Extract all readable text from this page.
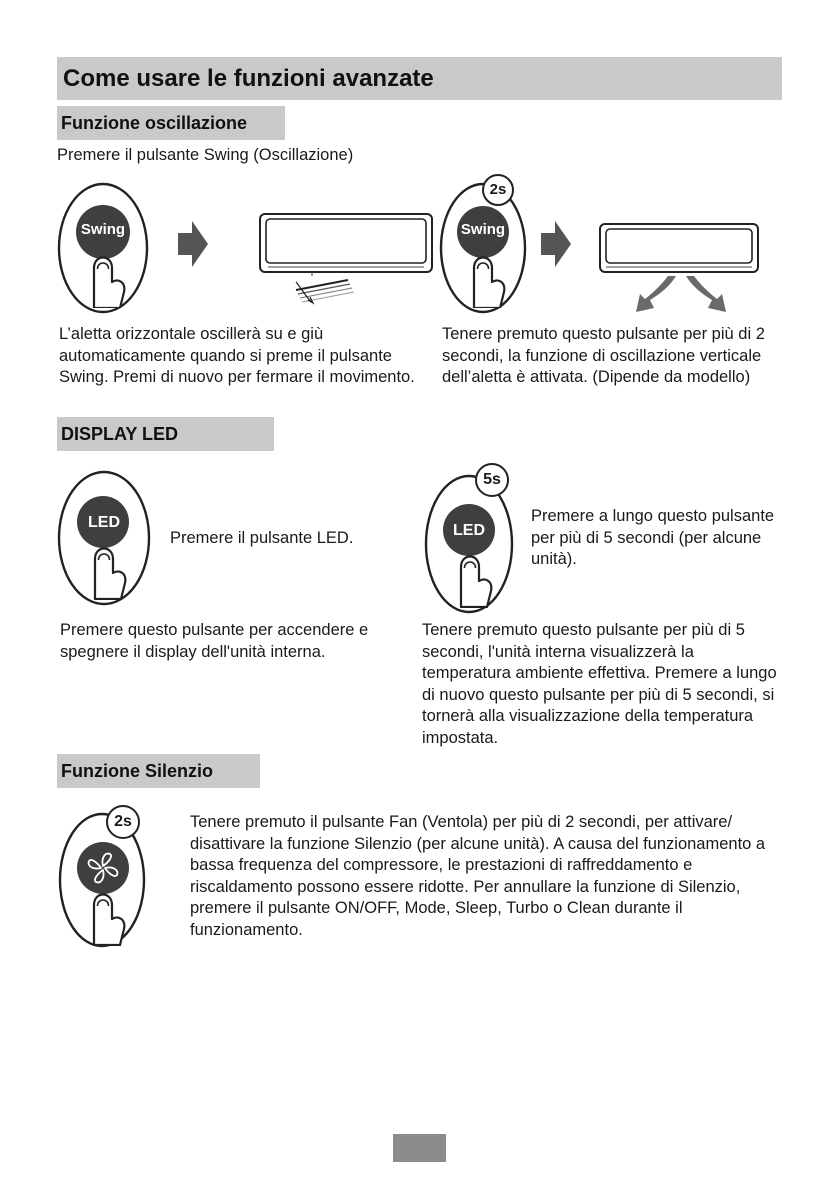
Come usare le funzioni avanzate
Funzione oscillazione
Premere il pulsante Swing (Oscillazione)
Swing
2s
Swing
L’aletta orizzontale oscillerà su e giù automaticamente quando si preme il pulsante Swing. Premi di nuovo per fermare il movimento.
Tenere premuto questo pulsante per più di 2 secondi, la funzione di oscillazione verticale dell’aletta è attivata. (Dipende da modello)
DISPLAY LED
LED
Premere il pulsante LED.
5s
LED
Premere a lungo questo pulsante per più di 5 secondi (per alcune unità).
Premere questo pulsante per accendere e spegnere il display dell'unità interna.
Tenere premuto questo pulsante per più di 5 secondi, l'unità interna visualizzerà la temperatura ambiente effettiva. Premere a lungo di nuovo questo pulsante per più di 5 secondi, si tornerà alla visualizzazione della temperatura impostata.
Funzione Silenzio
2s	Tenere premuto il pulsante Fan (Ventola) per più di 2 secondi, per attivare/ disattivare la funzione Silenzio (per alcune unità). A causa del funzionamento a bassa frequenza del compressore, le prestazioni di raffreddamento e riscaldamento possono essere ridotte. Per annullare la funzione di Silenzio, premere il pulsante ON/OFF, Mode, Sleep, Turbo o Clean durante il funzionamento.
